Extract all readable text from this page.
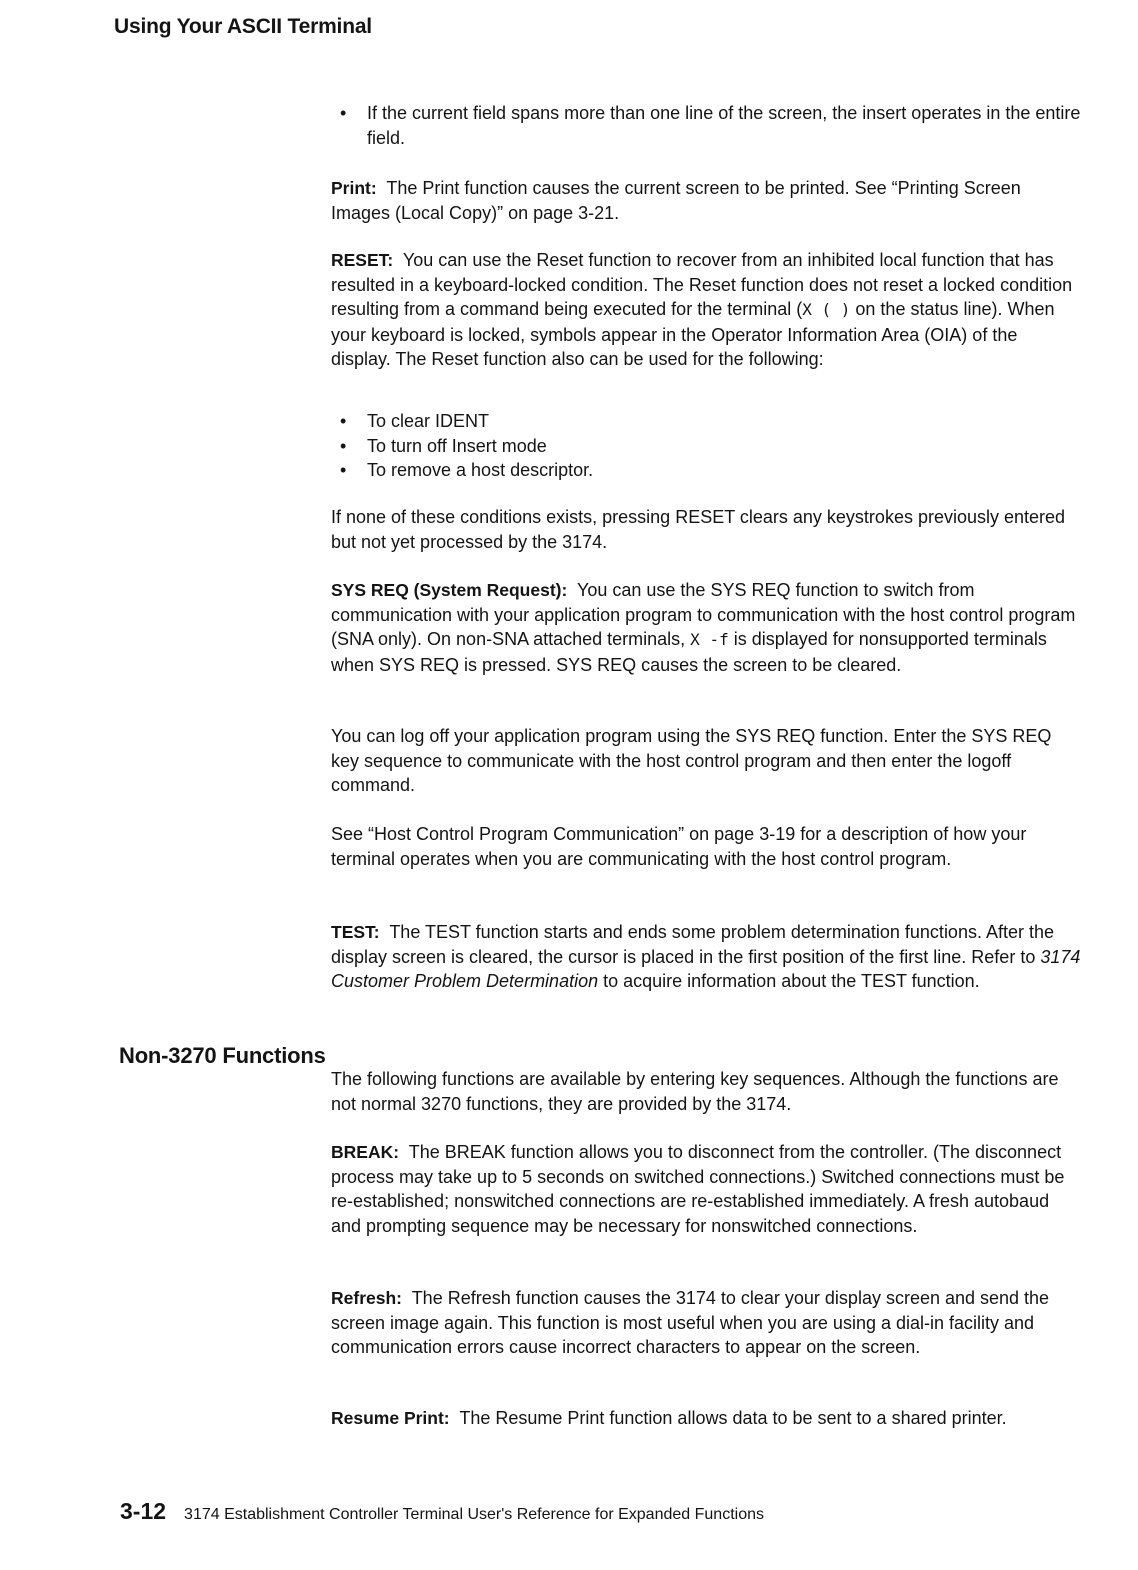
Using Your ASCII Terminal
• If the current field spans more than one line of the screen, the insert operates in the entire field.

Print: The Print function causes the current screen to be printed. See “Printing Screen Images (Local Copy)” on page 3-21.

RESET: You can use the Reset function to recover from an inhibited local function that has resulted in a keyboard-locked condition. The Reset function does not reset a locked condition resulting from a command being executed for the terminal (X ( ) on the status line). When your keyboard is locked, symbols appear in the Operator Information Area (OIA) of the display. The Reset function also can be used for the following:

• To clear IDENT
• To turn off Insert mode
• To remove a host descriptor.

If none of these conditions exists, pressing RESET clears any keystrokes previously entered but not yet processed by the 3174.

SYS REQ (System Request): You can use the SYS REQ function to switch from communication with your application program to communication with the host control program (SNA only). On non-SNA attached terminals, X -f is displayed for nonsupported terminals when SYS REQ is pressed. SYS REQ causes the screen to be cleared.

You can log off your application program using the SYS REQ function. Enter the SYS REQ key sequence to communicate with the host control program and then enter the logoff command.

See “Host Control Program Communication” on page 3-19 for a description of how your terminal operates when you are communicating with the host control program.

TEST: The TEST function starts and ends some problem determination functions. After the display screen is cleared, the cursor is placed in the first position of the first line. Refer to 3174 Customer Problem Determination to acquire information about the TEST function.

Non-3270 Functions

The following functions are available by entering key sequences. Although the functions are not normal 3270 functions, they are provided by the 3174.

BREAK: The BREAK function allows you to disconnect from the controller. (The disconnect process may take up to 5 seconds on switched connections.) Switched connections must be re-established; nonswitched connections are re-established immediately. A fresh autobaud and prompting sequence may be necessary for nonswitched connections.

Refresh: The Refresh function causes the 3174 to clear your display screen and send the screen image again. This function is most useful when you are using a dial-in facility and communication errors cause incorrect characters to appear on the screen.

Resume Print: The Resume Print function allows data to be sent to a shared printer.

3-12 3174 Establishment Controller Terminal User's Reference for Expanded Functions
